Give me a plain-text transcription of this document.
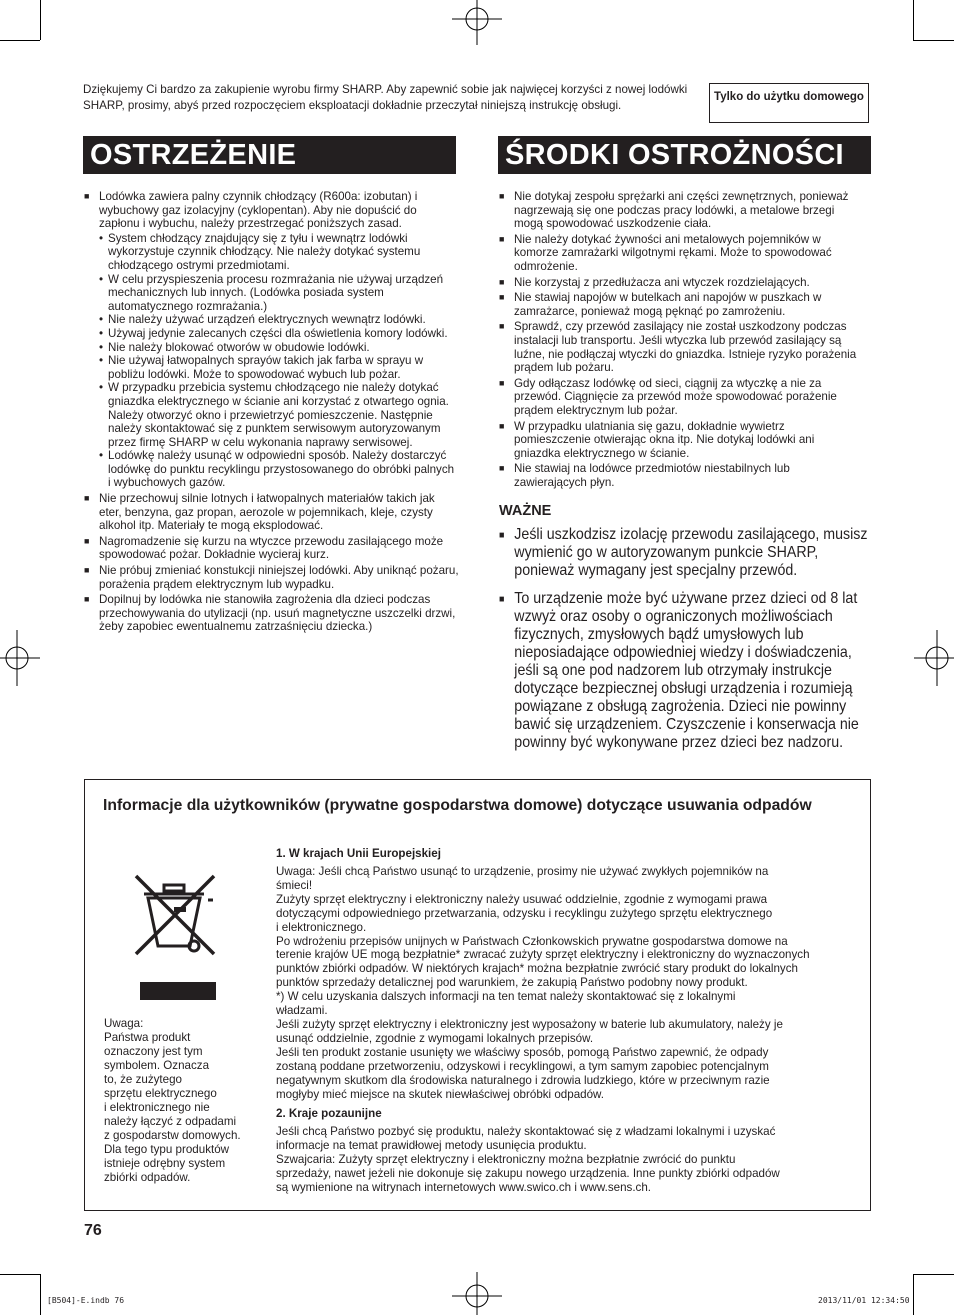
Dziękujemy Ci bardzo za zakupienie wyrobu firmy SHARP. Aby zapewnić sobie jak najwięcej korzyści z nowej lodówki SHARP, prosimy, abyś przed rozpoczęciem eksploatacji dokładnie przeczytał niniejszą instrukcję obsługi.

Tylko do użytku domowego
OSTRZEŻENIE	ŚRODKI OSTROŻNOŚCI
■ Lodówka zawiera palny czynnik chłodzący (R600a: izobutan) i wybuchowy gaz izolacyjny (cyklopentan). Aby nie dopuścić do zapłonu i wybuchu, należy przestrzegać poniższych zasad.
• System chłodzący znajdujący się z tyłu i wewnątrz lodówki wykorzystuje czynnik chłodzący. Nie należy dotykać systemu chłodzącego ostrymi przedmiotami.
• W celu przyspieszenia procesu rozmrażania nie używaj urządzeń mechanicznych lub innych. (Lodówka posiada system automatycznego rozmrażania.)
• Nie należy używać urządzeń elektrycznych wewnątrz lodówki.
• Używaj jedynie zalecanych części dla oświetlenia komory lodówki.
• Nie należy blokować otworów w obudowie lodówki.
• Nie używaj łatwopalnych sprayów takich jak farba w sprayu w pobliżu lodówki. Może to spowodować wybuch lub pożar.
• W przypadku przebicia systemu chłodzącego nie należy dotykać gniazdka elektrycznego w ścianie ani korzystać z otwartego ognia. Należy otworzyć okno i przewietrzyć pomieszczenie. Następnie należy skontaktować się z punktem serwisowym autoryzowanym przez firmę SHARP w celu wykonania naprawy serwisowej.
• Lodówkę należy usunąć w odpowiedni sposób. Należy dostarczyć lodówkę do punktu recyklingu przystosowanego do obróbki palnych i wybuchowych gazów.
■ Nie przechowuj silnie lotnych i łatwopalnych materiałów takich jak eter, benzyna, gaz propan, aerozole w pojemnikach, kleje, czysty alkohol itp. Materiały te mogą eksplodować.
■ Nagromadzenie się kurzu na wtyczce przewodu zasilającego może spowodować pożar. Dokładnie wycieraj kurz.
■ Nie próbuj zmieniać konstukcji niniejszej lodówki. Aby uniknąć pożaru, porażenia prądem elektrycznym lub wypadku.
■ Dopilnuj by lodówka nie stanowiła zagrożenia dla dzieci podczas przechowywania do utylizacji (np. usuń magnetyczne uszczelki drzwi, żeby zapobiec ewentualnemu zatrzaśnięciu dziecka.)
■ Nie dotykaj zespołu sprężarki ani części zewnętrznych, ponieważ nagrzewają się one podczas pracy lodówki, a metalowe brzegi mogą spowodować uszkodzenie ciała.
■ Nie należy dotykać żywności ani metalowych pojemników w komorze zamrażarki wilgotnymi rękami. Może to spowodować odmrożenie.
■ Nie korzystaj z przedłużacza ani wtyczek rozdzielających.
■ Nie stawiaj napojów w butelkach ani napojów w puszkach w zamrażarce, ponieważ mogą pęknąć po zamrożeniu.
■ Sprawdź, czy przewód zasilający nie został uszkodzony podczas instalacji lub transportu. Jeśli wtyczka lub przewód zasilający są luźne, nie podłączaj wtyczki do gniazdka. Istnieje ryzyko porażenia prądem lub pożaru.
■ Gdy odłączasz lodówkę od sieci, ciągnij za wtyczkę a nie za przewód. Ciągnięcie za przewód może spowodować porażenie prądem elektrycznym lub pożar.
■ W przypadku ulatniania się gazu, dokładnie wywietrz pomieszczenie otwierając okna itp. Nie dotykaj lodówki ani gniazdka elektrycznego w ścianie.
■ Nie stawiaj na lodówce przedmiotów niestabilnych lub zawierających płyn.
WAŻNE
■ Jeśli uszkodzisz izolację przewodu zasilającego, musisz wymienić go w autoryzowanym punkcie SHARP, ponieważ wymagany jest specjalny przewód.
■ To urządzenie może być używane przez dzieci od 8 lat wzwyż oraz osoby o ograniczonych możliwościach fizycznych, zmysłowych bądź umysłowych lub nieposiadające odpowiedniej wiedzy i doświadczenia, jeśli są one pod nadzorem lub otrzymały instrukcje dotyczące bezpiecznej obsługi urządzenia i rozumieją powiązane z obsługą zagrożenia. Dzieci nie powinny bawić się urządzeniem. Czyszczenie i konserwacja nie powinny być wykonywane przez dzieci bez nadzoru.
Informacje dla użytkowników (prywatne gospodarstwa domowe) dotyczące usuwania odpadów
Uwaga:
Państwa produkt
oznaczony jest tym
symbolem. Oznacza
to, że zużytego
sprzętu elektrycznego
i elektronicznego nie
należy łączyć z odpadami
z gospodarstw domowych.
Dla tego typu produktów
istnieje odrębny system
zbiórki odpadów.
1. W krajach Unii Europejskiej
Uwaga: Jeśli chcą Państwo usunąć to urządzenie, prosimy nie używać zwykłych pojemników na
śmieci!
Zużyty sprzęt elektryczny i elektroniczny należy usuwać oddzielnie, zgodnie z wymogami prawa
dotyczącymi odpowiedniego przetwarzania, odzysku i recyklingu zużytego sprzętu elektrycznego
i elektronicznego.
Po wdrożeniu przepisów unijnych w Państwach Członkowskich prywatne gospodarstwa domowe na
terenie krajów UE mogą bezpłatnie* zwracać zużyty sprzęt elektryczny i elektroniczny do wyznaczonych
punktów zbiórki odpadów. W niektórych krajach* można bezpłatnie zwrócić stary produkt do lokalnych
punktów sprzedaży detalicznej pod warunkiem, że zakupią Państwo podobny nowy produkt.
*) W celu uzyskania dalszych informacji na ten temat należy skontaktować się z lokalnymi
władzami.
Jeśli zużyty sprzęt elektryczny i elektroniczny jest wyposażony w baterie lub akumulatory, należy je
usunąć oddzielnie, zgodnie z wymogami lokalnych przepisów.
Jeśli ten produkt zostanie usunięty we właściwy sposób, pomogą Państwo zapewnić, że odpady
zostaną poddane przetworzeniu, odzyskowi i recyklingowi, a tym samym zapobiec potencjalnym
negatywnym skutkom dla środowiska naturalnego i zdrowia ludzkiego, które w przeciwnym razie
mogłyby mieć miejsce na skutek niewłaściwej obróbki odpadów.
2. Kraje pozaunijne
Jeśli chcą Państwo pozbyć się produktu, należy skontaktować się z władzami lokalnymi i uzyskać
informacje na temat prawidłowej metody usunięcia produktu.
Szwajcaria: Zużyty sprzęt elektryczny i elektroniczny można bezpłatnie zwrócić do punktu
sprzedaży, nawet jeżeli nie dokonuje się zakupu nowego urządzenia. Inne punkty zbiórki odpadów
są wymienione na witrynach internetowych www.swico.ch i www.sens.ch.
76
[B504]-E.indb 76	2013/11/01 12:34:50
